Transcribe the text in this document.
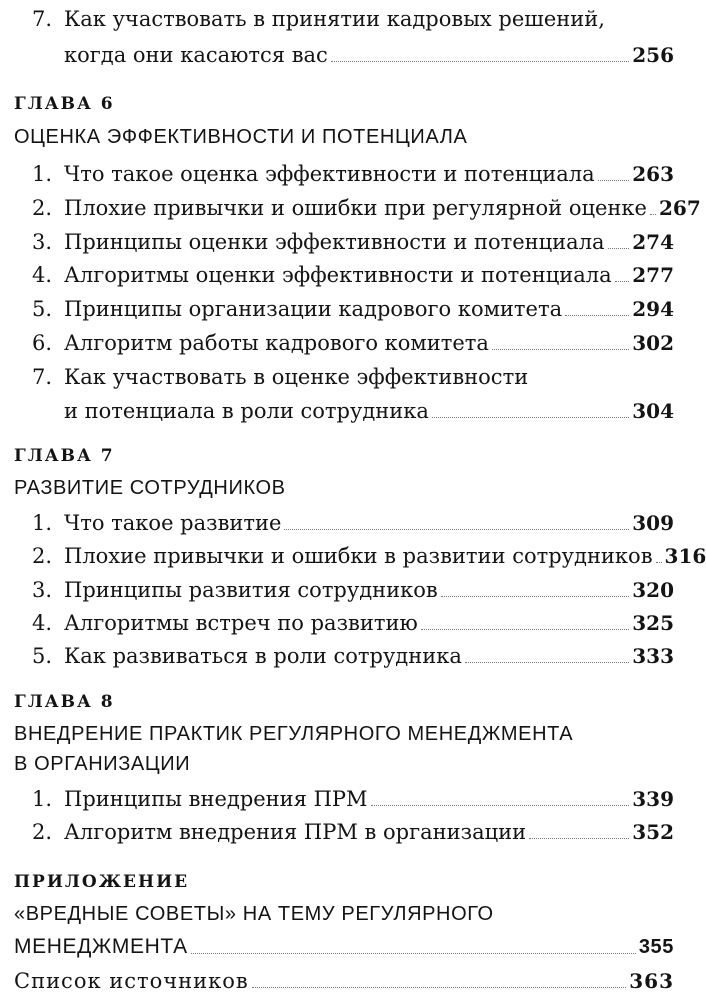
7. Как участвовать в принятии кадровых решений,
когда они касаются вас	256
ГЛАВА 6
ОЦЕНКА ЭФФЕКТИВНОСТИ И ПОТЕНЦИАЛА
1. Что такое оценка эффективности и потенциала 263
2. Плохие привычки и ошибки при регулярной оценке 267
3. Принципы оценки эффективности и потенциала 274
4. Алгоритмы оценки эффективности и потенциала 277
5. Принципы организации кадрового комитета	294
6. Алгоритм работы кадрового комитета	302
7. Как участвовать в оценке эффективности
и потенциала в роли сотрудника	304
ГЛАВА 7
РАЗВИТИЕ СОТРУДНИКОВ
1. Что такое развитие	309
2. Плохие привычки и ошибки в развитии сотрудников 316
3. Принципы развития сотрудников	320
4. Алгоритмы встреч по развитию	325
5. Как развиваться в роли сотрудника	333
ГЛАВА 8
ВНЕДРЕНИЕ ПРАКТИК РЕГУЛЯРНОГО МЕНЕДЖМЕНТА
В ОРГАНИЗАЦИИ
1. Принципы внедрения ПРМ	339
2. Алгоритм внедрения ПРМ в организации	352
ПРИЛОЖЕНИЕ
«ВРЕДНЫЕ СОВЕТЫ» НА ТЕМУ РЕГУЛЯРНОГО
МЕНЕДЖМЕНТА	355
Список источников	363
